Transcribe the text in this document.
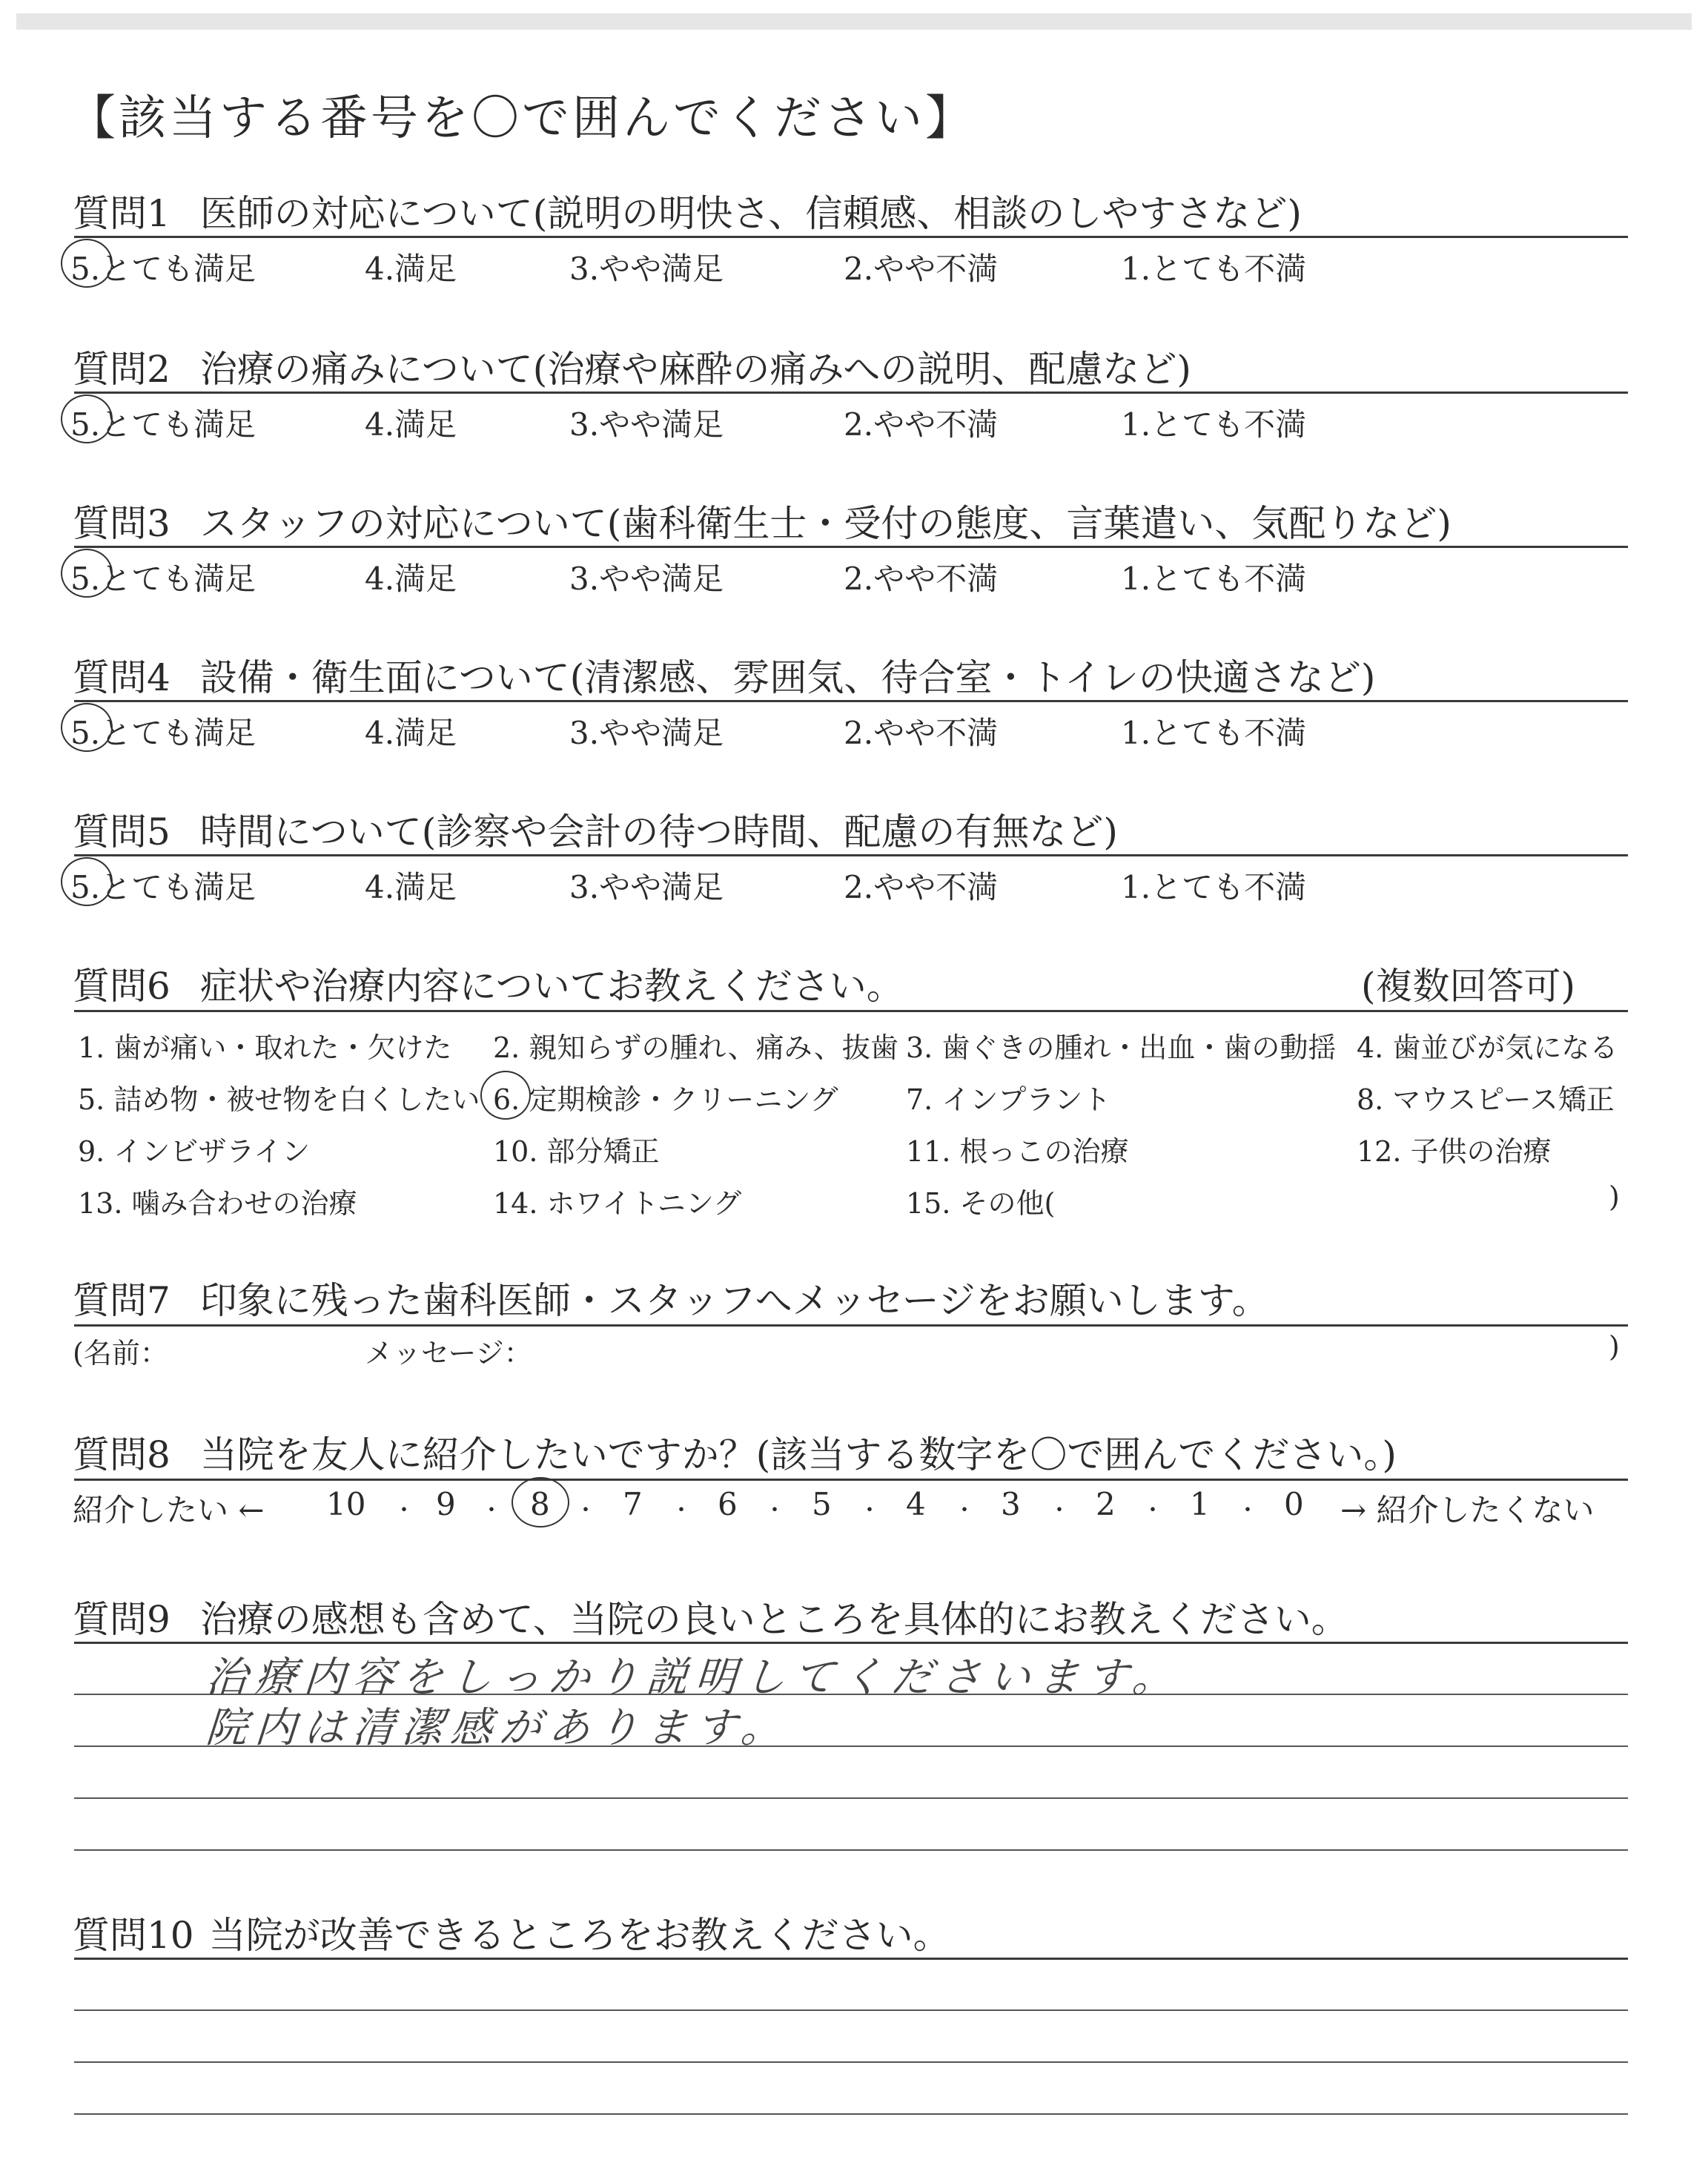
【該当する番号を〇で囲んでください】
質問1 医師の対応について(説明の明快さ、信頼感、相談のしやすさなど)
5.とても満足	4.満足	3.やや満足	2.やや不満	1.とても不満
質問2 治療の痛みについて(治療や麻酔の痛みへの説明、配慮など)
5.とても満足	4.満足	3.やや満足	2.やや不満	1.とても不満
質問3 スタッフの対応について(歯科衛生士・受付の態度、言葉遣い、気配りなど)
5.とても満足	4.満足	3.やや満足	2.やや不満	1.とても不満
質問4 設備・衛生面について(清潔感、雰囲気、待合室・トイレの快適さなど)
5.とても満足	4.満足	3.やや満足	2.やや不満	1.とても不満
質問5 時間について(診察や会計の待つ時間、配慮の有無など)
5.とても満足	4.満足	3.やや満足	2.やや不満	1.とても不満
質問6 症状や治療内容についてお教えください。	(複数回答可)
1. 歯が痛い・取れた・欠けた 2. 親知らずの腫れ、痛み、抜歯 3. 歯ぐきの腫れ・出血・歯の動揺 4. 歯並びが気になる
5. 詰め物・被せ物を白くしたい 6. 定期検診・クリーニング 7. インプラント	8. マウスピース矯正
9. インビザライン	10. 部分矯正	11. 根っこの治療	12. 子供の治療
13. 噛み合わせの治療	14. ホワイトニング	15. その他(	)
質問7 印象に残った歯科医師・スタッフへメッセージをお願いします。
(名前：	メッセージ：	)
質問8 当院を友人に紹介したいですか？(該当する数字を〇で囲んでください。)
紹介したい ←	→ 紹介したくない
10 ・ 9 ・ 8 ・ 7 ・ 6 ・ 5 ・ 4 ・ 3 ・ 2 ・ 1 ・ 0
質問9 治療の感想も含めて、当院の良いところを具体的にお教えください。
治療内容をしっかり説明してくださいます。
院内は清潔感があります。
質問10 当院が改善できるところをお教えください。
